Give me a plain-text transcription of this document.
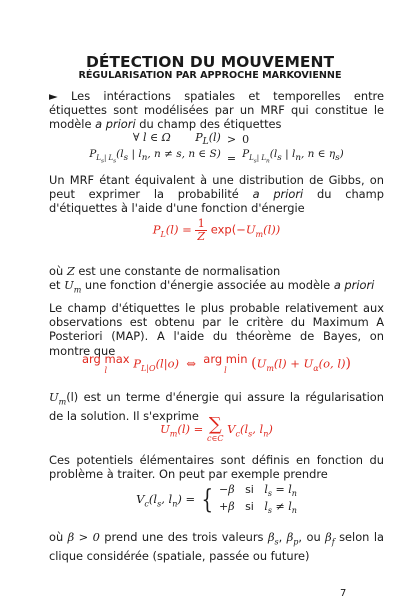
DÉTECTION DU MOUVEMENT
RÉGULARISATION PAR APPROCHE MARKOVIENNE
► Les intéractions spatiales et temporelles entre étiquettes sont modélisées par un MRF qui constitue le modèle a priori du champ des étiquettes
∀ l ∈ Ω $P_L(l)$	>	0
$P_{L_s| L_s}(l_s$ | $l_n$, n ≠ s, n ∈ S)	=	$P_{L_s| L_n}(l_s$ | $l_n$, n ∈ $\eta_s$)
Un MRF étant équivalent à une distribution de Gibbs, on peut exprimer la probabilité a priori du champ d'étiquettes à l'aide d'une fonction d'énergie
$P_L(l) = \frac{1}{Z} \exp(-U_m(l))$
où Z est une constante de normalisation
et $U_m$ une fonction d'énergie associée au modèle a priori
Le champ d'étiquettes le plus probable relativement aux observations est obtenu par le critère du Maximum A Posteriori (MAP). A l'aide du théorème de Bayes, on montre que
arg max
l	$P_{L|O}(l|o)$ ⇔ arg min
l	($U_m(l) + U_\alpha(o$, l))
$U_m(l)$ est un terme d'énergie qui assure la régularisation de la solution. Il s'exprime
$U_m(l)$ = ∑
c∈C
$V_c(l_s$, $l_n$)
Ces potentiels élémentaires sont définis en fonction du problème à traiter. On peut par exemple prendre
$V_c(l_s$, $l_n$) = { −β si $l_s = l_n$
+β si $l_s \ne l_n$
où β > 0 prend une des trois valeurs $\beta_s$, $\beta_p$, ou $\beta_f$ selon la clique considérée (spatiale, passée ou future)
7
